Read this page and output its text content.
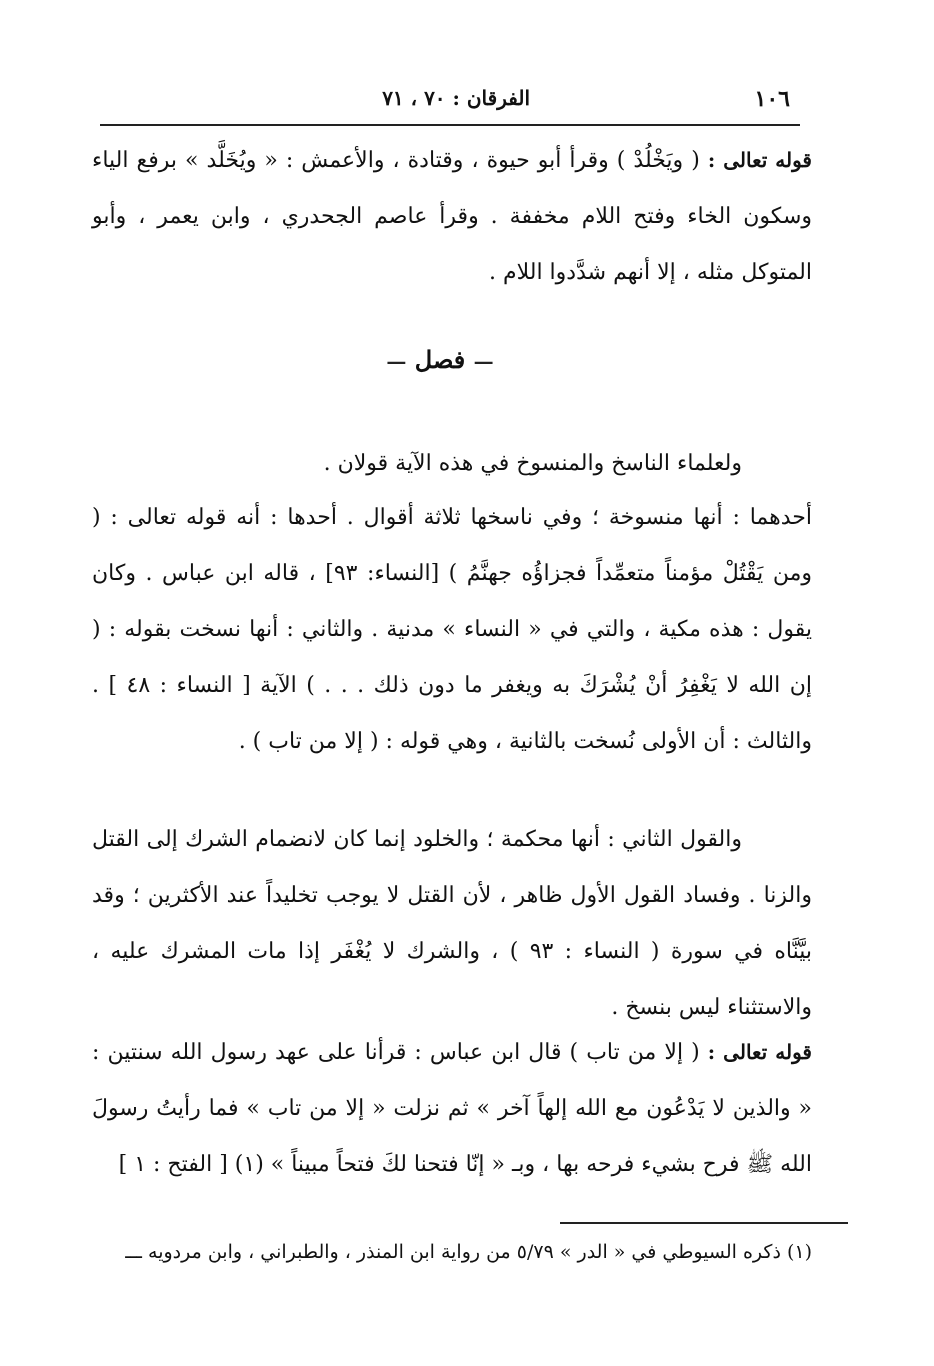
١٠٦
الفرقان : ٧٠ ، ٧١
قوله تعالى : ( ويَخْلُدْ ) وقرأ أبو حيوة ، وقتادة ، والأعمش : « ويُخَلَّد » برفع الياء وسكون الخاء وفتح اللام مخففة . وقرأ عاصم الجحدري ، وابن يعمر ، وأبو المتوكل مثله ، إلا أنهم شدَّدوا اللام .
— فصل —
ولعلماء الناسخ والمنسوخ في هذه الآية قولان .
أحدهما : أنها منسوخة ؛ وفي ناسخها ثلاثة أقوال . أحدها : أنه قوله تعالى : ( ومن يَقْتُلْ مؤمناً متعمِّداً فجزاؤُه جهنَّمُ ) [النساء: ٩٣] ، قاله ابن عباس . وكان يقول : هذه مكية ، والتي في « النساء » مدنية . والثاني : أنها نسخت بقوله : ( إن الله لا يَغْفِرُ أنْ يُشْرَكَ به ويغفر ما دون ذلك . . . ) الآية [ النساء : ٤٨ ] . والثالث : أن الأولى نُسخت بالثانية ، وهي قوله : ( إلا من تاب ) .
والقول الثاني : أنها محكمة ؛ والخلود إنما كان لانضمام الشرك إلى القتل والزنا . وفساد القول الأول ظاهر ، لأن القتل لا يوجب تخليداً عند الأكثرين ؛ وقد بيَّنَّاه في سورة ( النساء : ٩٣ ) ، والشرك لا يُغْفَر إذا مات المشرك عليه ، والاستثناء ليس بنسخ .
قوله تعالى : ( إلا من تاب ) قال ابن عباس : قرأنا على عهد رسول الله سنتين : « والذين لا يَدْعُون مع الله إلهاً آخر » ثم نزلت « إلا من تاب » فما رأيتُ رسولَ الله ﷺ فرح بشيء فرحه بها ، وبـ « إنّا فتحنا لكَ فتحاً مبيناً » (١) [ الفتح : ١ ]
(١) ذكره السيوطي في « الدر » ٥/٧٩ من رواية ابن المنذر ، والطبراني ، وابن مردويه ـــ
